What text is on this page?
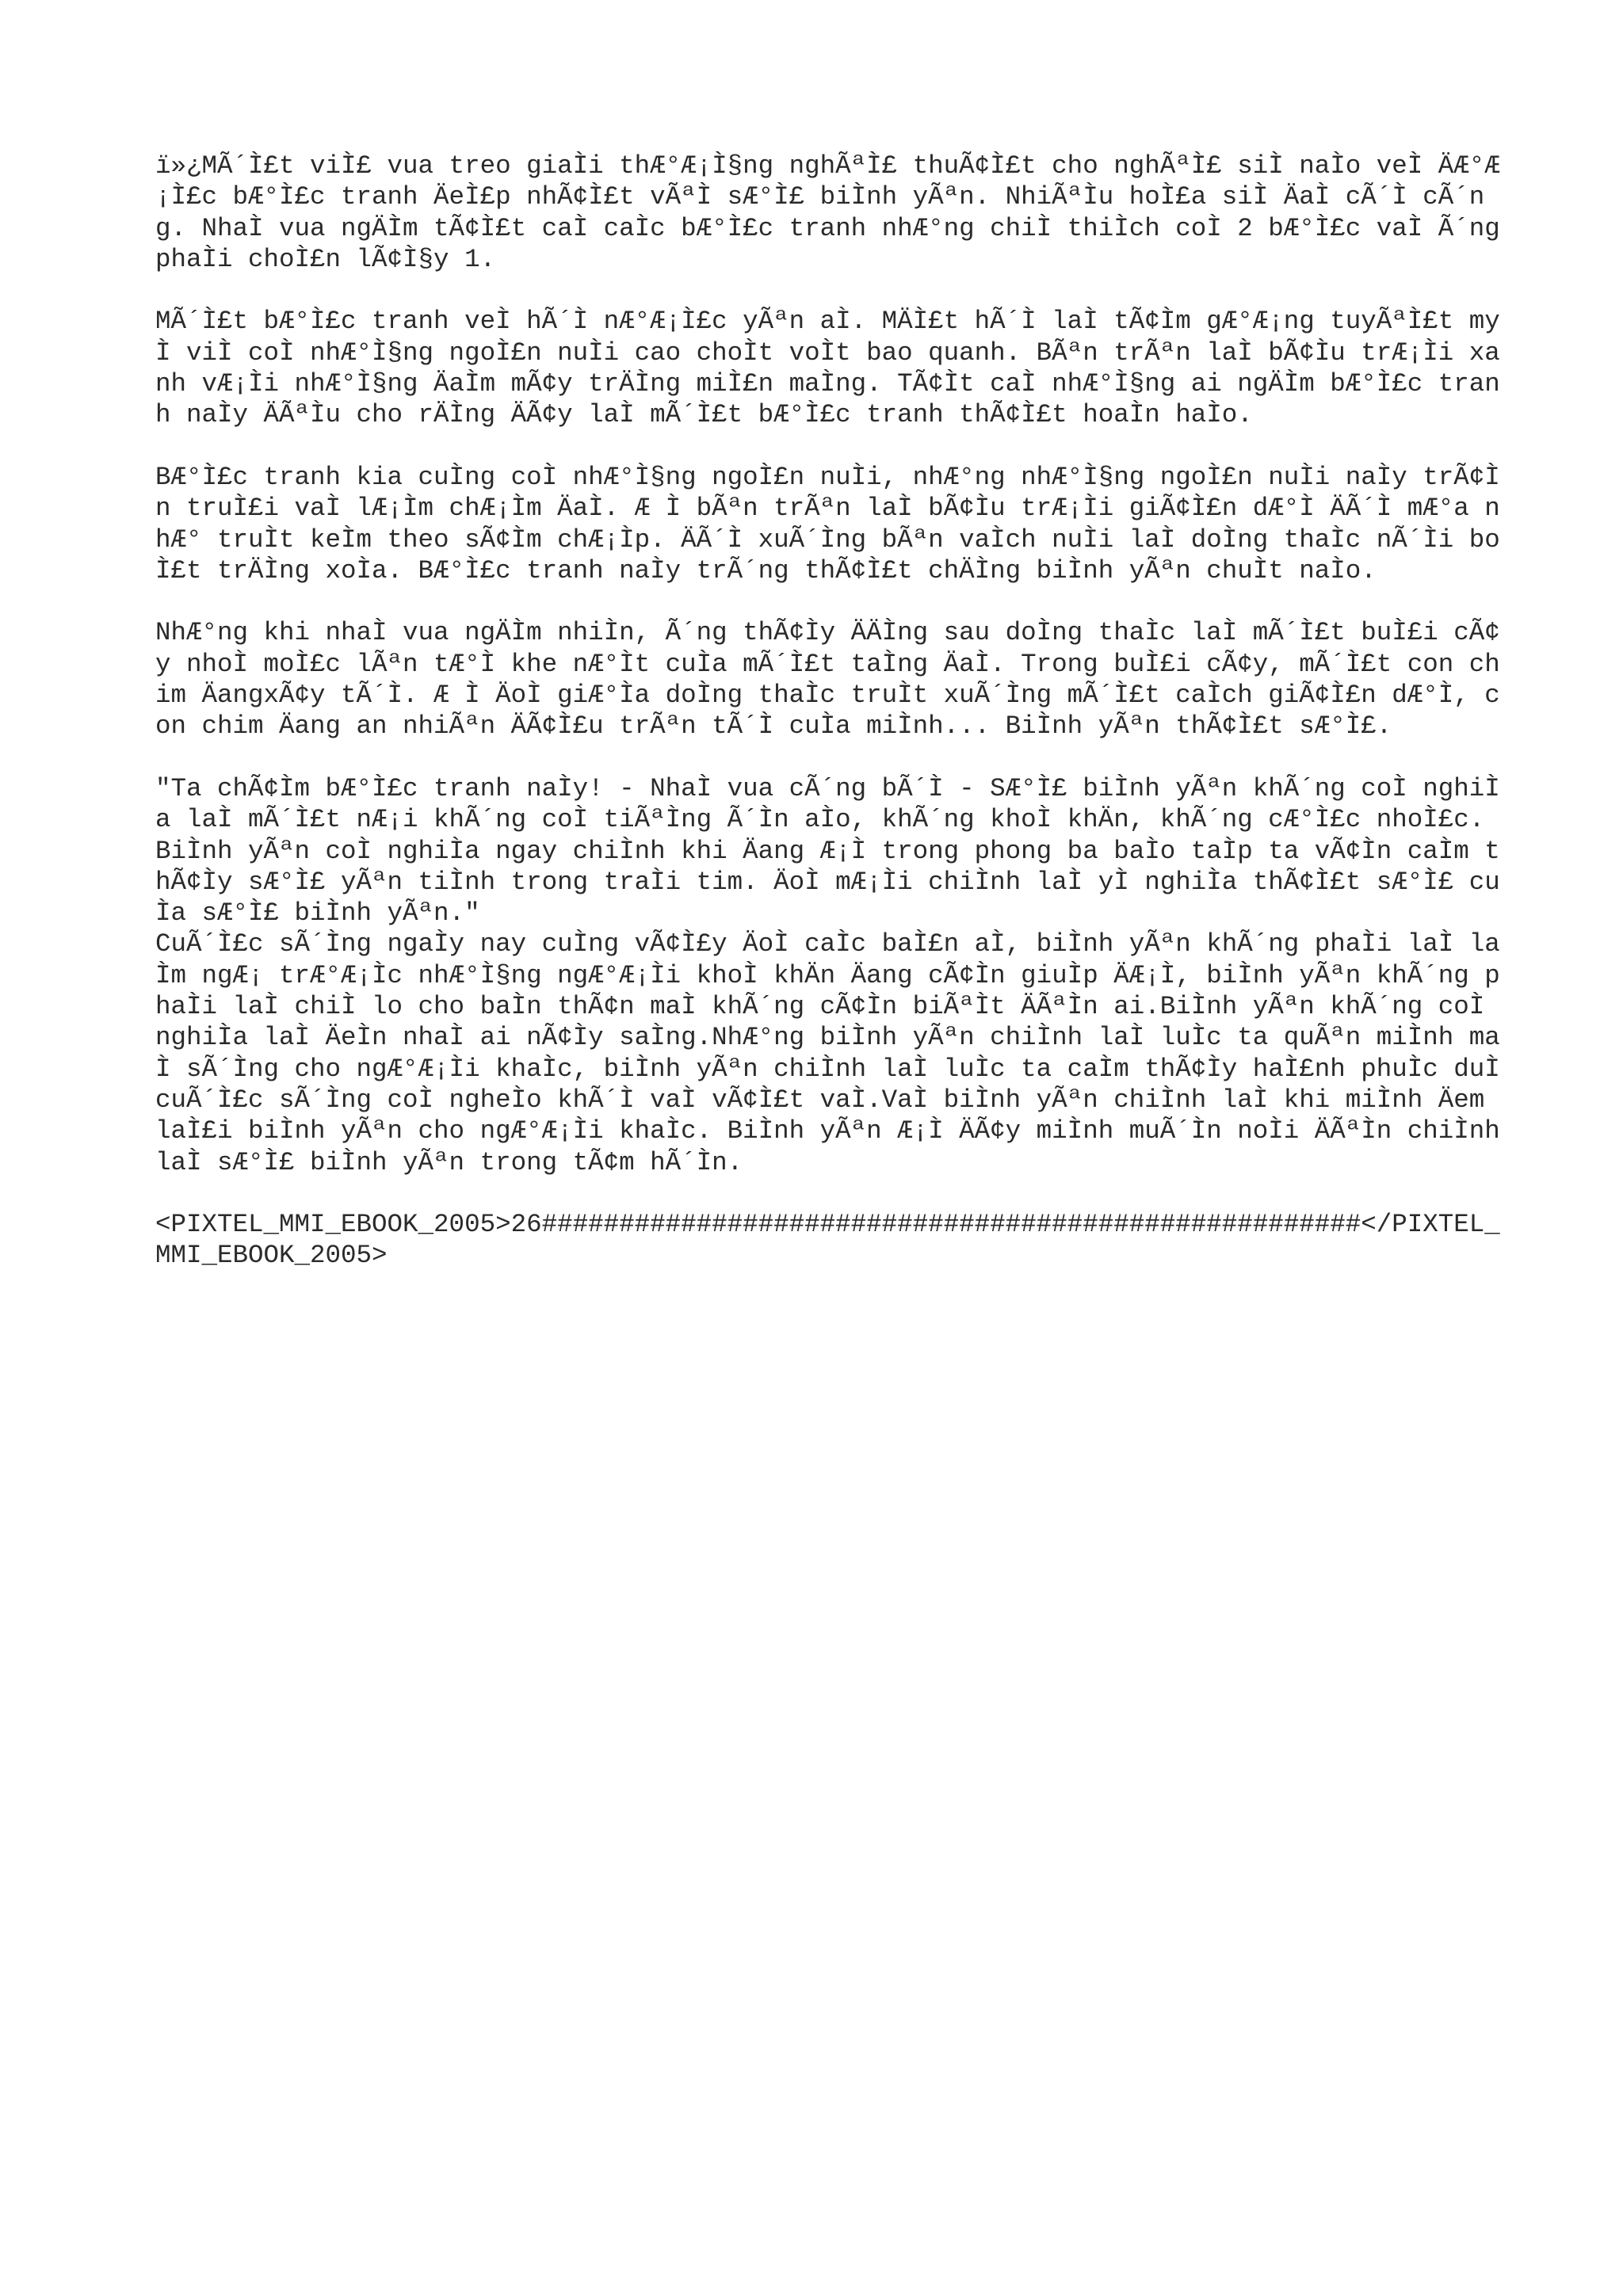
ï»¿MÃ´Ì£t viÌ£ vua treo giaÌi thÆ°Æ¡Ì§ng nghÃªÌ£ thuÃ¢Ì£t cho nghÃªÌ£ siÌ naÌo veÌ ÄÆ°Æ¡Ì£c bÆ°Ì£c tranh ÄeÌ£p nhÃ¢Ì£t vÃªÌ sÆ°Ì£ biÌnh yÃªn. NhiÃªÌu hoÌ£a siÌ ÄaÌ cÃ´Ì cÃ´ng. NhaÌ vua ngÄÌm tÃ¢Ì£t caÌ caÌc bÆ°Ì£c tranh nhÆ°ng chiÌ thiÌch coÌ 2 bÆ°Ì£c vaÌ Ã´ng phaÌi choÌ£n lÃ¢Ì§y 1.

MÃ´Ì£t bÆ°Ì£c tranh veÌ hÃ´Ì nÆ°Æ¡Ì£c yÃªn aÌ. MÄÌ£t hÃ´Ì laÌ tÃ¢Ìm gÆ°Æ¡ng tuyÃªÌ£t myÌ viÌ coÌ nhÆ°Ì§ng ngoÌ£n nuÌi cao choÌt voÌt bao quanh. BÃªn trÃªn laÌ bÃ¢Ìu trÆ¡Ìi xanh vÆ¡Ìi nhÆ°Ì§ng ÄaÌm mÃ¢y trÄÌng miÌ£n maÌng. TÃ¢Ìt caÌ nhÆ°Ì§ng ai ngÄÌm bÆ°Ì£c tranh naÌy ÄÃªÌu cho rÄÌng ÄÃ¢y laÌ mÃ´Ì£t bÆ°Ì£c tranh thÃ¢Ì£t hoaÌn haÌo.

BÆ°Ì£c tranh kia cuÌng coÌ nhÆ°Ì§ng ngoÌ£n nuÌi, nhÆ°ng nhÆ°Ì§ng ngoÌ£n nuÌi naÌy trÃ¢Ìn truÌ£i vaÌ lÆ¡Ìm chÆ¡Ìm ÄaÌ. Æ Ì bÃªn trÃªn laÌ bÃ¢Ìu trÆ¡Ìi giÃ¢Ì£n dÆ°Ì ÄÃ´Ì mÆ°a nhÆ° truÌt keÌm theo sÃ¢Ìm chÆ¡Ìp. ÄÃ´Ì xuÃ´Ìng bÃªn vaÌch nuÌi laÌ doÌng thaÌc nÃ´Ìi boÌ£t trÄÌng xoÌa. BÆ°Ì£c tranh naÌy trÃ´ng thÃ¢Ì£t chÄÌng biÌnh yÃªn chuÌt naÌo.

NhÆ°ng khi nhaÌ vua ngÄÌm nhiÌn, Ã´ng thÃ¢Ìy ÄÄÌng sau doÌng thaÌc laÌ mÃ´Ì£t buÌ£i cÃ¢y nhoÌ moÌ£c lÃªn tÆ°Ì khe nÆ°Ìt cuÌa mÃ´Ì£t taÌng ÄaÌ. Trong buÌ£i cÃ¢y, mÃ´Ì£t con chim ÄangxÃ¢y tÃ´Ì. Æ Ì ÄoÌ giÆ°Ìa doÌng thaÌc truÌt xuÃ´Ìng mÃ´Ì£t caÌch giÃ¢Ì£n dÆ°Ì, con chim Äang an nhiÃªn ÄÃ¢Ì£u trÃªn tÃ´Ì cuÌa miÌnh... BiÌnh yÃªn thÃ¢Ì£t sÆ°Ì£.

"Ta chÃ¢Ìm bÆ°Ì£c tranh naÌy! - NhaÌ vua cÃ´ng bÃ´Ì - SÆ°Ì£ biÌnh yÃªn khÃ´ng coÌ nghiÌa laÌ mÃ´Ì£t nÆ¡i khÃ´ng coÌ tiÃªÌng Ã´Ìn aÌo, khÃ´ng khoÌ khÄn, khÃ´ng cÆ°Ì£c nhoÌ£c. BiÌnh yÃªn coÌ nghiÌa ngay chiÌnh khi Äang Æ¡Ì trong phong ba baÌo taÌp ta vÃ¢Ìn caÌm thÃ¢Ìy sÆ°Ì£ yÃªn tiÌnh trong traÌi tim. ÄoÌ mÆ¡Ìi chiÌnh laÌ yÌ nghiÌa thÃ¢Ì£t sÆ°Ì£ cuÌa sÆ°Ì£ biÌnh yÃªn."

CuÃ´Ì£c sÃ´Ìng ngaÌy nay cuÌng vÃ¢Ì£y ÄoÌ caÌc baÌ£n aÌ, biÌnh yÃªn khÃ´ng phaÌi laÌ laÌm ngÆ¡ trÆ°Æ¡Ìc nhÆ°Ì§ng ngÆ°Æ¡Ìi khoÌ khÄn Äang cÃ¢Ìn giuÌp ÄÆ¡Ì, biÌnh yÃªn khÃ´ng phaÌi laÌ chiÌ lo cho baÌn thÃ¢n maÌ khÃ´ng cÃ¢Ìn biÃªÌt ÄÃªÌn ai.BiÌnh yÃªn khÃ´ng coÌ nghiÌa laÌ ÄeÌn nhaÌ ai nÃ¢Ìy saÌng.NhÆ°ng biÌnh yÃªn chiÌnh laÌ luÌc ta quÃªn miÌnh maÌ sÃ´Ìng cho ngÆ°Æ¡Ìi khaÌc, biÌnh yÃªn chiÌnh laÌ luÌc ta caÌm thÃ¢Ìy haÌ£nh phuÌc duÌ cuÃ´Ì£c sÃ´Ìng coÌ ngheÌo khÃ´Ì vaÌ vÃ¢Ì£t vaÌ.VaÌ biÌnh yÃªn chiÌnh laÌ khi miÌnh Äem laÌ£i biÌnh yÃªn cho ngÆ°Æ¡Ìi khaÌc. BiÌnh yÃªn Æ¡Ì ÄÃ¢y miÌnh muÃ´Ìn noÌi ÄÃªÌn chiÌnh laÌ sÆ°Ì£ biÌnh yÃªn trong tÃ¢m hÃ´Ìn.

<PIXTEL_MMI_EBOOK_2005>26#####################################################</PIXTEL_MMI_EBOOK_2005>
